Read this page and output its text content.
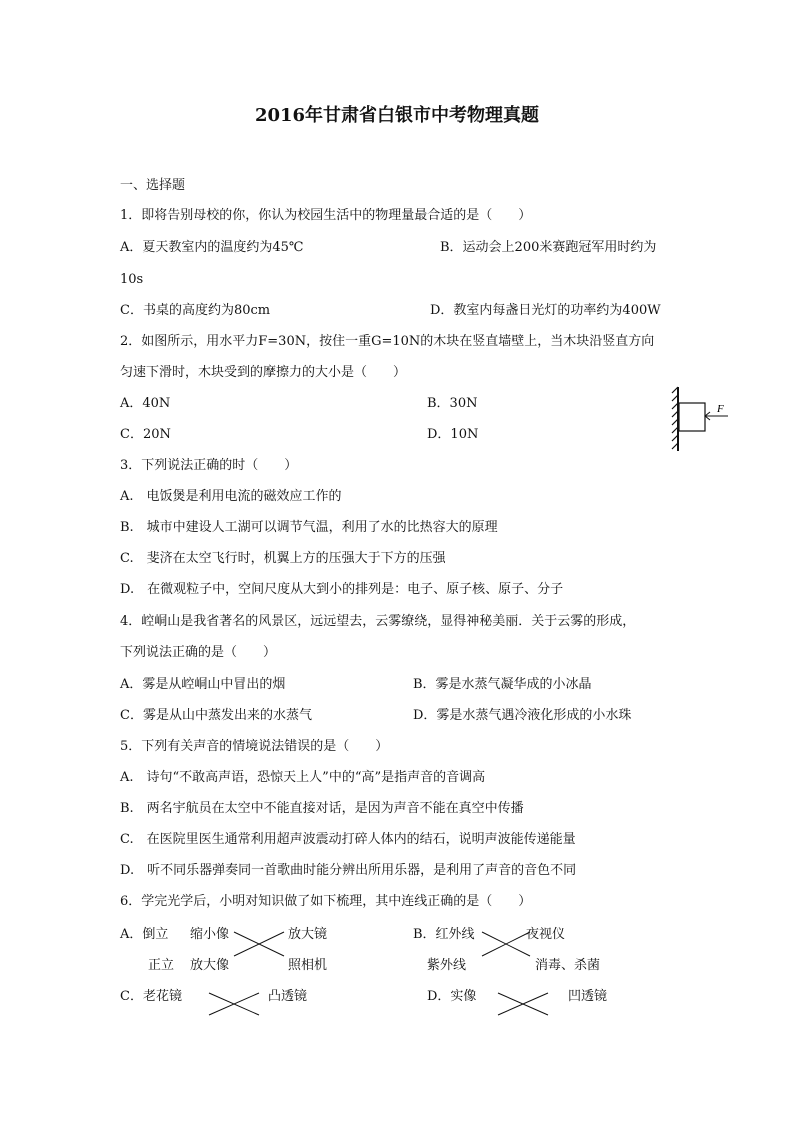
2016年甘肃省白银市中考物理真题
一、选择题
1．即将告别母校的你，你认为校园生活中的物理量最合适的是（　　）
A．夏天教室内的温度约为45℃	B．运动会上200米赛跑冠军用时约为
10s
C．书桌的高度约为80cm	D．教室内每盏日光灯的功率约为400W
2．如图所示，用水平力F=30N，按住一重G=10N的木块在竖直墙壁上，当木块沿竖直方向
匀速下滑时，木块受到的摩擦力的大小是（　　）
A．40N	B．30N
C．20N	D．10N
F
3．下列说法正确的时（　　）
A.　电饭煲是利用电流的磁效应工作的
B.　城市中建设人工湖可以调节气温，利用了水的比热容大的原理
C.　斐济在太空飞行时，机翼上方的压强大于下方的压强
D.　在微观粒子中，空间尺度从大到小的排列是：电子、原子核、原子、分子
4．崆峒山是我省著名的风景区，远远望去，云雾缭绕，显得神秘美丽．关于云雾的形成，
下列说法正确的是（　　）
A．雾是从崆峒山中冒出的烟	B．雾是水蒸气凝华成的小冰晶
C．雾是从山中蒸发出来的水蒸气	D．雾是水蒸气遇冷液化形成的小水珠
5．下列有关声音的情境说法错误的是（　　）
A.　诗句“不敢高声语，恐惊天上人”中的“高”是指声音的音调高
B.　两名宇航员在太空中不能直接对话，是因为声音不能在真空中传播
C.　在医院里医生通常利用超声波震动打碎人体内的结石，说明声波能传递能量
D.　听不同乐器弹奏同一首歌曲时能分辨出所用乐器，是利用了声音的音色不同
6．学完光学后，小明对知识做了如下梳理，其中连线正确的是（　　）
A．倒立 缩小像	放大镜
正立 放大像	照相机
B．红外线	夜视仪
紫外线	消毒、杀菌
C．老花镜	凸透镜	D．实像	凹透镜
